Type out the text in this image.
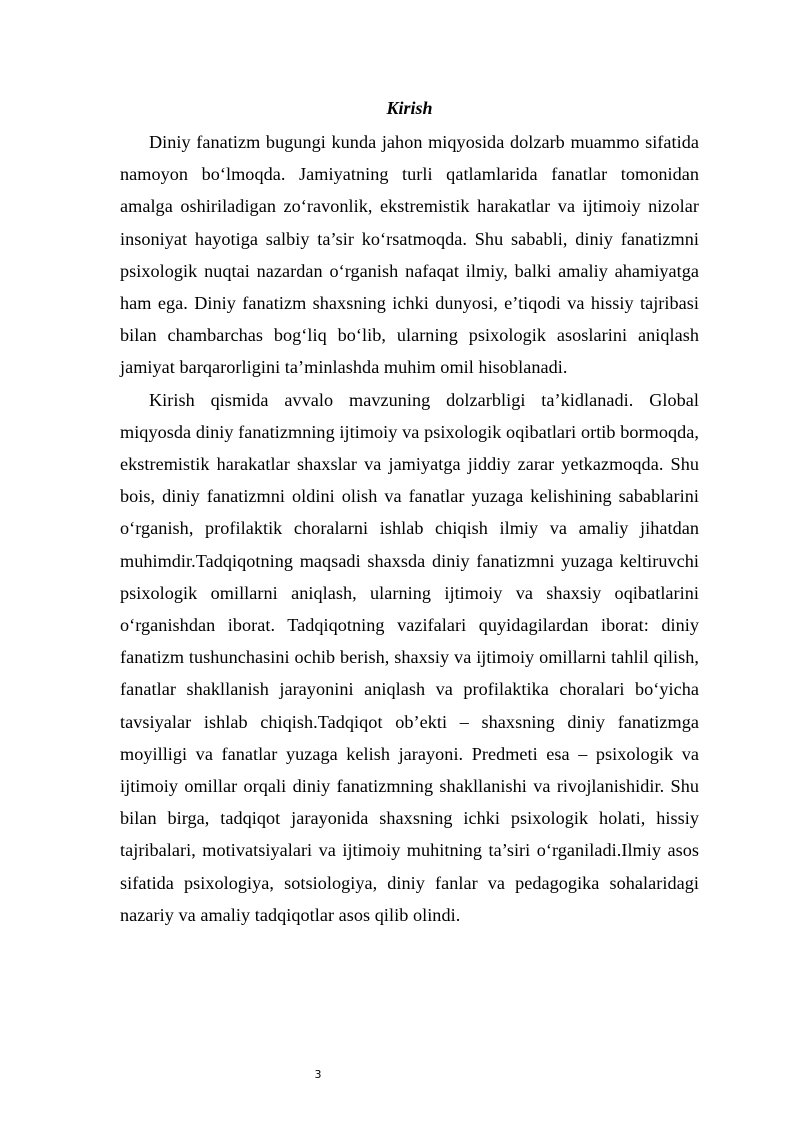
Kirish

Diniy fanatizm bugungi kunda jahon miqyosida dolzarb muammo sifatida namoyon bo‘lmoqda. Jamiyatning turli qatlamlarida fanatlar tomonidan amalga oshiriladigan zo‘ravonlik, ekstremistik harakatlar va ijtimoiy nizolar insoniyat hayotiga salbiy ta’sir ko‘rsatmoqda. Shu sababli, diniy fanatizmni psixologik nuqtai nazardan o‘rganish nafaqat ilmiy, balki amaliy ahamiyatga ham ega. Diniy fanatizm shaxsning ichki dunyosi, e’tiqodi va hissiy tajribasi bilan chambarchas bog‘liq bo‘lib, ularning psixologik asoslarini aniqlash jamiyat barqarorligini ta’minlashda muhim omil hisoblanadi.

Kirish qismida avvalo mavzuning dolzarbligi ta’kidlanadi. Global miqyosda diniy fanatizmning ijtimoiy va psixologik oqibatlari ortib bormoqda, ekstremistik harakatlar shaxslar va jamiyatga jiddiy zarar yetkazmoqda. Shu bois, diniy fanatizmni oldini olish va fanatlar yuzaga kelishining sabablarini o‘rganish, profilaktik choralarni ishlab chiqish ilmiy va amaliy jihatdan muhimdir.Tadqiqotning maqsadi shaxsda diniy fanatizmni yuzaga keltiruvchi psixologik omillarni aniqlash, ularning ijtimoiy va shaxsiy oqibatlarini o‘rganishdan iborat. Tadqiqotning vazifalari quyidagilardan iborat: diniy fanatizm tushunchasini ochib berish, shaxsiy va ijtimoiy omillarni tahlil qilish, fanatlar shakllanish jarayonini aniqlash va profilaktika choralari bo‘yicha tavsiyalar ishlab chiqish.Tadqiqot ob’ekti – shaxsning diniy fanatizmga moyilligi va fanatlar yuzaga kelish jarayoni. Predmeti esa – psixologik va ijtimoiy omillar orqali diniy fanatizmning shakllanishi va rivojlanishidir. Shu bilan birga, tadqiqot jarayonida shaxsning ichki psixologik holati, hissiy tajribalari, motivatsiyalari va ijtimoiy muhitning ta’siri o‘rganiladi.Ilmiy asos sifatida psixologiya, sotsiologiya, diniy fanlar va pedagogika sohalaridagi nazariy va amaliy tadqiqotlar asos qilib olindi.

3
